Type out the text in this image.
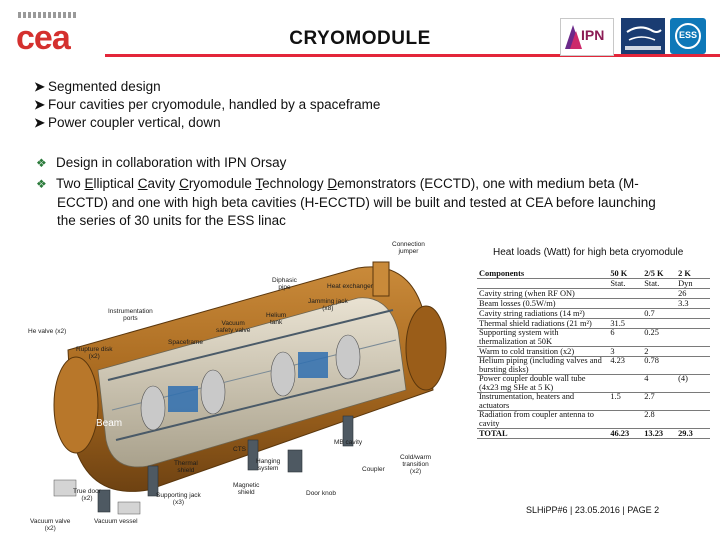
cea	CRYOMODULE	IPN	ESS
➤ Segmented design
➤ Four cavities per cryomodule, handled by a spaceframe
➤ Power coupler vertical, down
❖ Design in collaboration with IPN Orsay
❖ Two Elliptical Cavity Cryomodule Technology Demonstrators (ECCTD), one with medium beta (M-
ECCTD) and one with high beta cavities (H-ECCTD) will be built and tested at CEA before launching
the series of 30 units for the ESS linac
Connection
jumper
Diphasic
pipe	Heat exchanger
Jamming jack
(x8)
Instrumentation
ports	Helium
tank
Vacuum
safety valve
He valve (x2)
Rupture disk
(x2)
Spaceframe
Beam
Thermal
shield
CTS
Hanging
system
MB cavity
Cold/warm
transition
(x2)
Coupler
True door
(x2)	Supporting jack
(x3)
Magnetic
shield	Door knob
Vacuum valve
(x2)
Vacuum vessel
Heat loads (Watt) for high beta cryomodule
Components	50 K	2/5 K	2 K
	Stat.	Stat.	Dyn
Cavity string (when RF ON)			26
Beam losses (0.5W/m)			3.3
Cavity string radiations (14 m²)		0.7	
Thermal shield radiations (21 m²)	31.5		
Supporting system with thermalization at 50K	6	0.25	
Warm to cold transition (x2)	3	2	
Helium piping (including valves and bursting disks)	4.23	0.78	
Power coupler double wall tube (4x23 mg SHe at 5 K)		4	(4)
Instrumentation, heaters and actuators	1.5	2.7	
Radiation from coupler antenna to cavity		2.8	
TOTAL	46.23	13.23	29.3
SLHiPP#6 | 23.05.2016 | PAGE 2
